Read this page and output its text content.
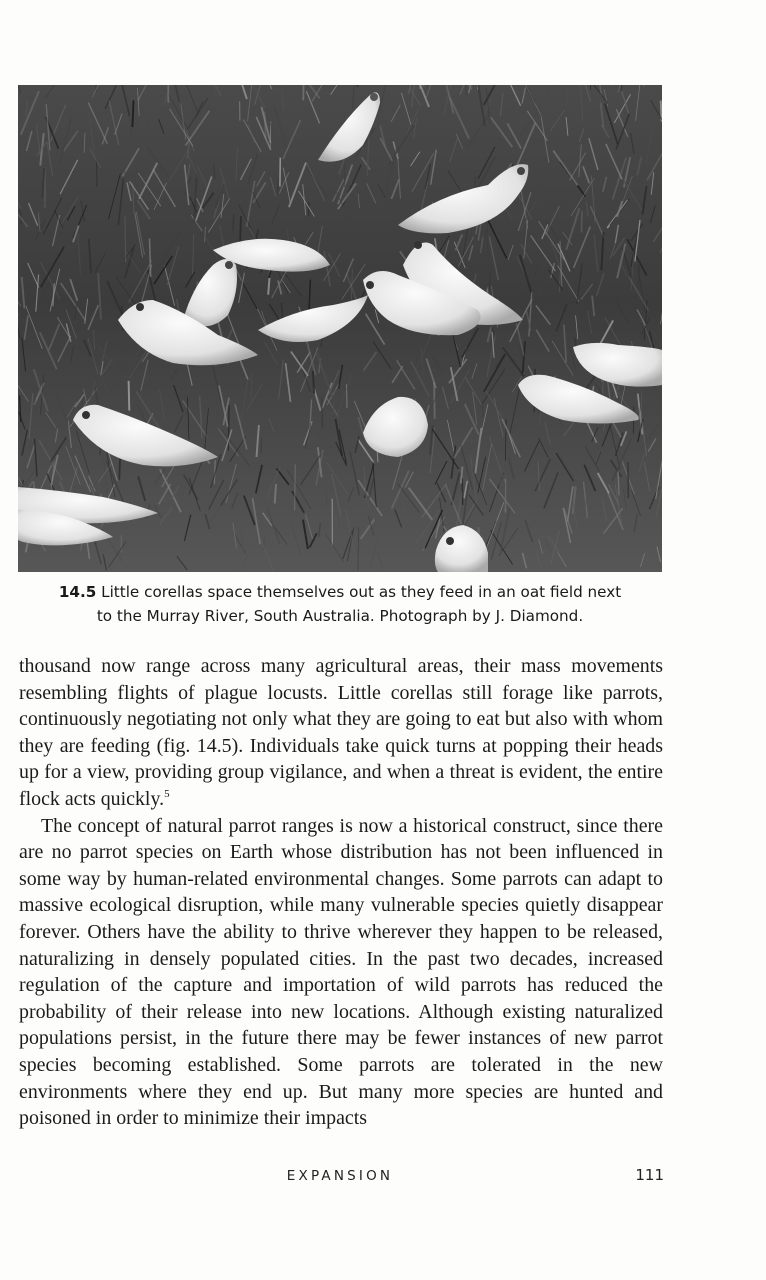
14.5 Little corellas space themselves out as they feed in an oat field next
to the Murray River, South Australia. Photograph by J. Diamond.

thousand now range across many agricultural areas, their mass movements resembling flights of plague locusts. Little corellas still forage like parrots, continuously negotiating not only what they are going to eat but also with whom they are feeding (fig. 14.5). Individuals take quick turns at popping their heads up for a view, providing group vigilance, and when a threat is evident, the entire flock acts quickly.$^5$

The concept of natural parrot ranges is now a historical construct, since there are no parrot species on Earth whose distribution has not been influenced in some way by human-related environmental changes. Some parrots can adapt to massive ecological disruption, while many vulnerable species quietly disappear forever. Others have the ability to thrive wherever they happen to be released, naturalizing in densely populated cities. In the past two decades, increased regulation of the capture and importation of wild parrots has reduced the probability of their release into new locations. Although existing naturalized populations persist, in the future there may be fewer instances of new parrot species becoming established. Some parrots are tolerated in the new environments where they end up. But many more species are hunted and poisoned in order to minimize their impacts

EXPANSION	111
